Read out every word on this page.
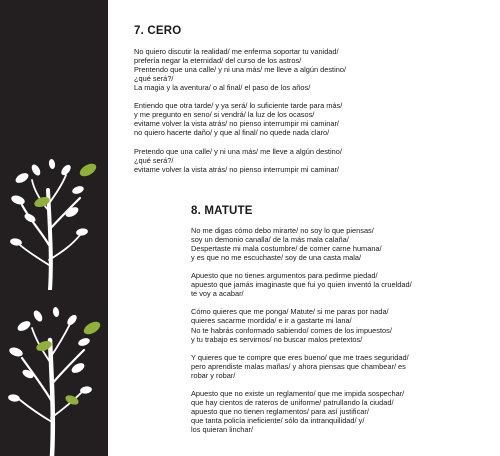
7. CERO

No quiero discutir la realidad/ me enferma soportar tu vanidad/
prefería negar la eternidad/ del curso de los astros/
Prentendo que una calle/ y ni una más/ me lleve a algún destino/
¿qué será?/
La magia y la aventura/ o al final/ el paso de los años/

Entiendo que otra tarde/ y ya será/ lo suficiente tarde para más/
y me pregunto en seno/ si vendrá/ la luz de los ocasos/
evitame volver la vista atrás/ no pienso interrumpir mi caminar/
no quiero hacerte daño/ y que al final/ no quede nada claro/

Pretendo que una calle/ y ni una más/ me lleve a algún destino/
¿qué será?/
evitame volver la vista atrás/ no pienso interrumpir mi caminar/

8. MATUTE

No me digas cómo debo mirarte/ no soy lo que piensas/
soy un demonio canalla/ de la más mala calaña/
Despertaste mi mala costumbre/ de comer carne humana/
y es que no me escuchaste/ soy de una casta mala/

Apuesto que no tienes argumentos para pedirme piedad/
apuesto que jamás imaginaste que fui yo quien inventó la crueldad/
te voy a acabar/

Cómo quieres que me ponga/ Matute/ si me paras por nada/
quieres sacarme mordida/ e ir a gastarte mi lana/
No te habrás conformado sabiendo/ comes de los impuestos/
y tu trabajo es servirnos/ no buscar malos pretextos/

Y quieres que te compre que eres bueno/ que me traes seguridad/
pero aprendiste malas mañas/ y ahora piensas que chambear/ es
robar y robar/

Apuesto que no existe un reglamento/ que me impida sospechar/
que hay cientos de rateros de uniforme/ patrullando la ciudad/
apuesto que no tienen reglamentos/ para así justificar/
que tanta policía ineficiente/ sólo da intranquilidad/ y/
los quieran linchar/
